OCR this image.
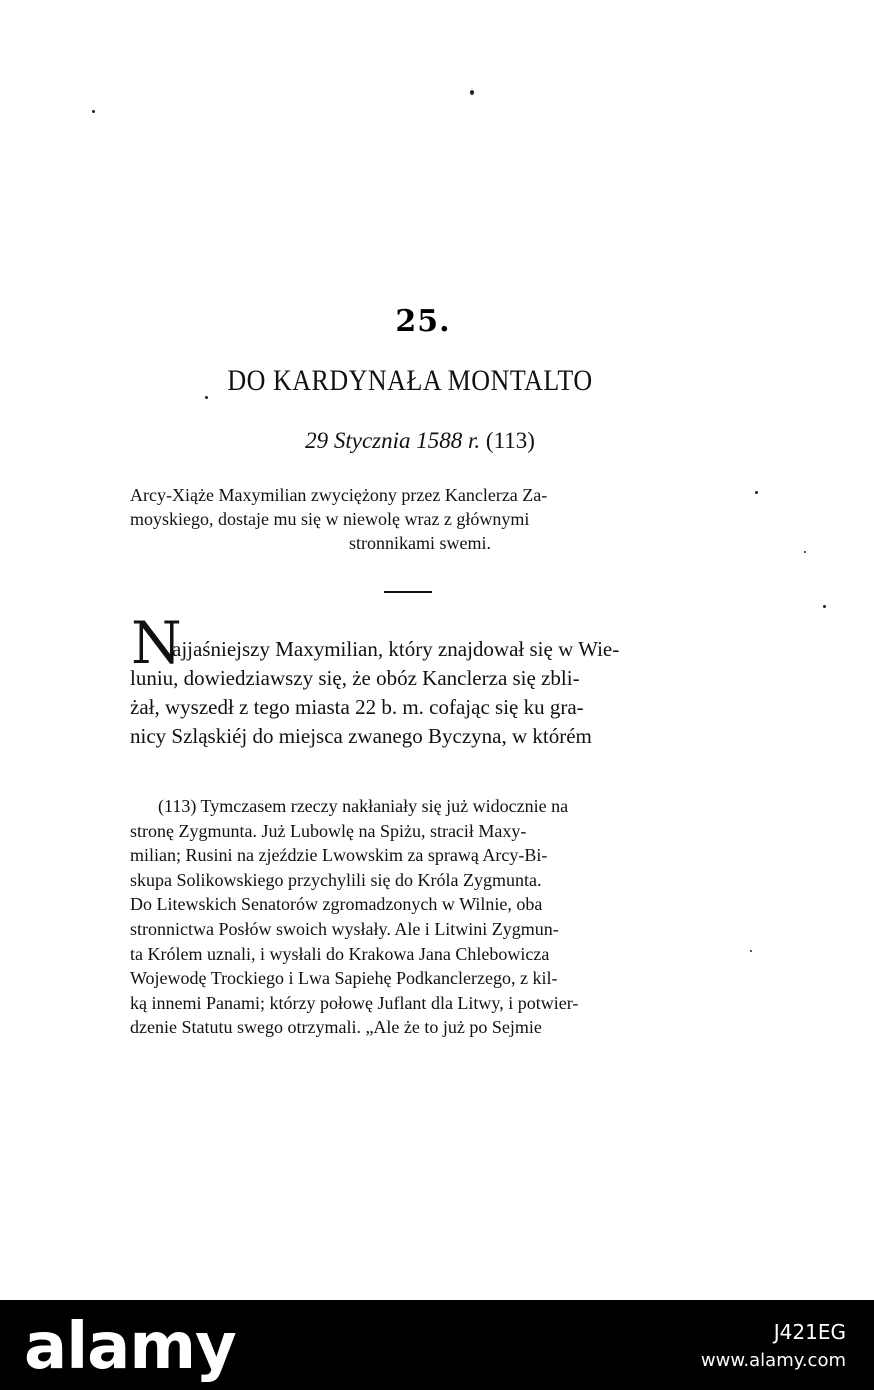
25.
DO KARDYNAŁA MONTALTO
29 Stycznia 1588 r. (113)
Arcy-Xiąże Maxymilian zwyciężony przez Kanclerza Za-
moyskiego, dostaje mu się w niewolę wraz z głównymi
stronnikami swemi.
N
ajjaśniejszy Maxymilian, który znajdował się w Wie-
luniu, dowiedziawszy się, że obóz Kanclerza się zbli-
żał, wyszedł z tego miasta 22 b. m. cofając się ku gra-
nicy Szląskiéj do miejsca zwanego Byczyna, w którém
(113) Tymczasem rzeczy nakłaniały się już widocznie na
stronę Zygmunta. Już Lubowlę na Spiżu, stracił Maxy-
milian; Rusini na zjeździe Lwowskim za sprawą Arcy-Bi-
skupa Solikowskiego przychylili się do Króla Zygmunta.
Do Litewskich Senatorów zgromadzonych w Wilnie, oba
stronnictwa Posłów swoich wysłały. Ale i Litwini Zygmun-
ta Królem uznali, i wysłali do Krakowa Jana Chlebowicza
Wojewodę Trockiego i Lwa Sapiehę Podkanclerzego, z kil-
ką innemi Panami; którzy połowę Juflant dla Litwy, i potwier-
dzenie Statutu swego otrzymali. „Ale że to już po Sejmie
alamy	J421EG
www.alamy.com
